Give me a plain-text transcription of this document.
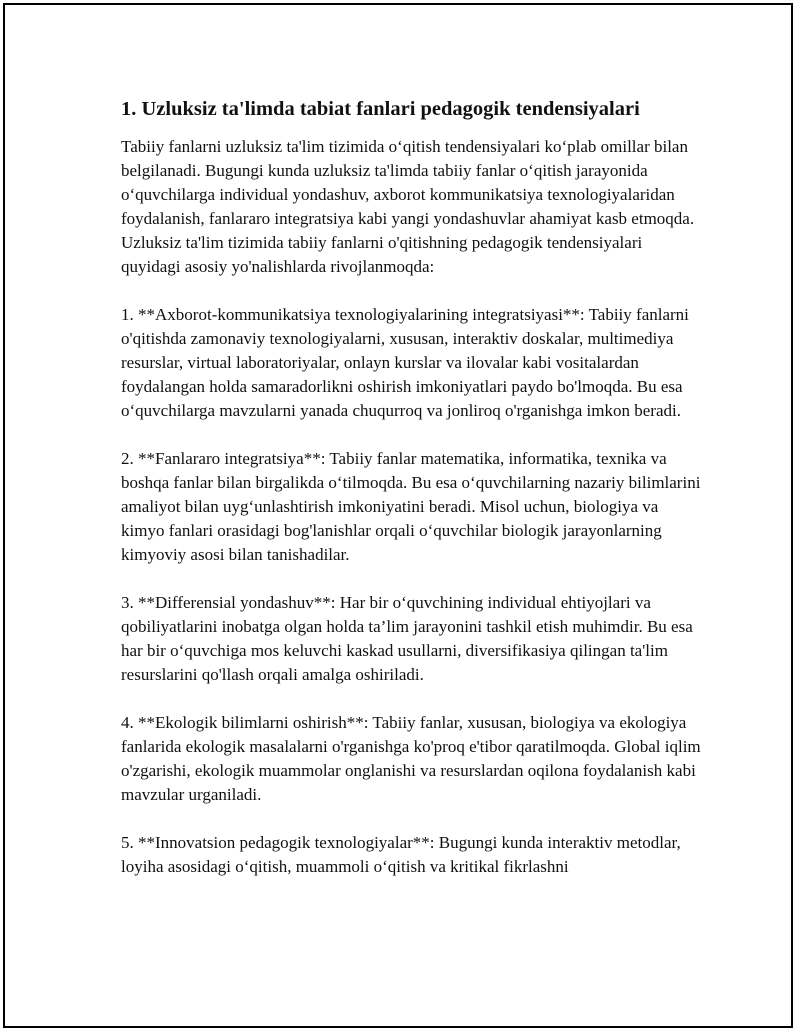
1. Uzluksiz ta'limda tabiat fanlari pedagogik tendensiyalari

Tabiiy fanlarni uzluksiz ta'lim tizimida o‘qitish tendensiyalari ko‘plab omillar bilan belgilanadi. Bugungi kunda uzluksiz ta'limda tabiiy fanlar o‘qitish jarayonida o‘quvchilarga individual yondashuv, axborot kommunikatsiya texnologiyalaridan foydalanish, fanlararo integratsiya kabi yangi yondashuvlar ahamiyat kasb etmoqda. Uzluksiz ta'lim tizimida tabiiy fanlarni o'qitishning pedagogik tendensiyalari quyidagi asosiy yo'nalishlarda rivojlanmoqda:

1. **Axborot-kommunikatsiya texnologiyalarining integratsiyasi**: Tabiiy fanlarni o'qitishda zamonaviy texnologiyalarni, xususan, interaktiv doskalar, multimediya resurslar, virtual laboratoriyalar, onlayn kurslar va ilovalar kabi vositalardan foydalangan holda samaradorlikni oshirish imkoniyatlari paydo bo'lmoqda. Bu esa o‘quvchilarga mavzularni yanada chuqurroq va jonliroq o'rganishga imkon beradi.

2. **Fanlararo integratsiya**: Tabiiy fanlar matematika, informatika, texnika va boshqa fanlar bilan birgalikda o‘tilmoqda. Bu esa o‘quvchilarning nazariy bilimlarini amaliyot bilan uyg‘unlashtirish imkoniyatini beradi. Misol uchun, biologiya va kimyo fanlari orasidagi bog'lanishlar orqali o‘quvchilar biologik jarayonlarning kimyoviy asosi bilan tanishadilar.

3. **Differensial yondashuv**: Har bir o‘quvchining individual ehtiyojlari va qobiliyatlarini inobatga olgan holda ta’lim jarayonini tashkil etish muhimdir. Bu esa har bir o‘quvchiga mos keluvchi kaskad usullarni, diversifikasiya qilingan ta'lim resurslarini qo'llash orqali amalga oshiriladi.

4. **Ekologik bilimlarni oshirish**: Tabiiy fanlar, xususan, biologiya va ekologiya fanlarida ekologik masalalarni o'rganishga ko'proq e'tibor qaratilmoqda. Global iqlim o'zgarishi, ekologik muammolar onglanishi va resurslardan oqilona foydalanish kabi mavzular urganiladi.

5. **Innovatsion pedagogik texnologiyalar**: Bugungi kunda interaktiv metodlar, loyiha asosidagi o‘qitish, muammoli o‘qitish va kritikal fikrlashni
